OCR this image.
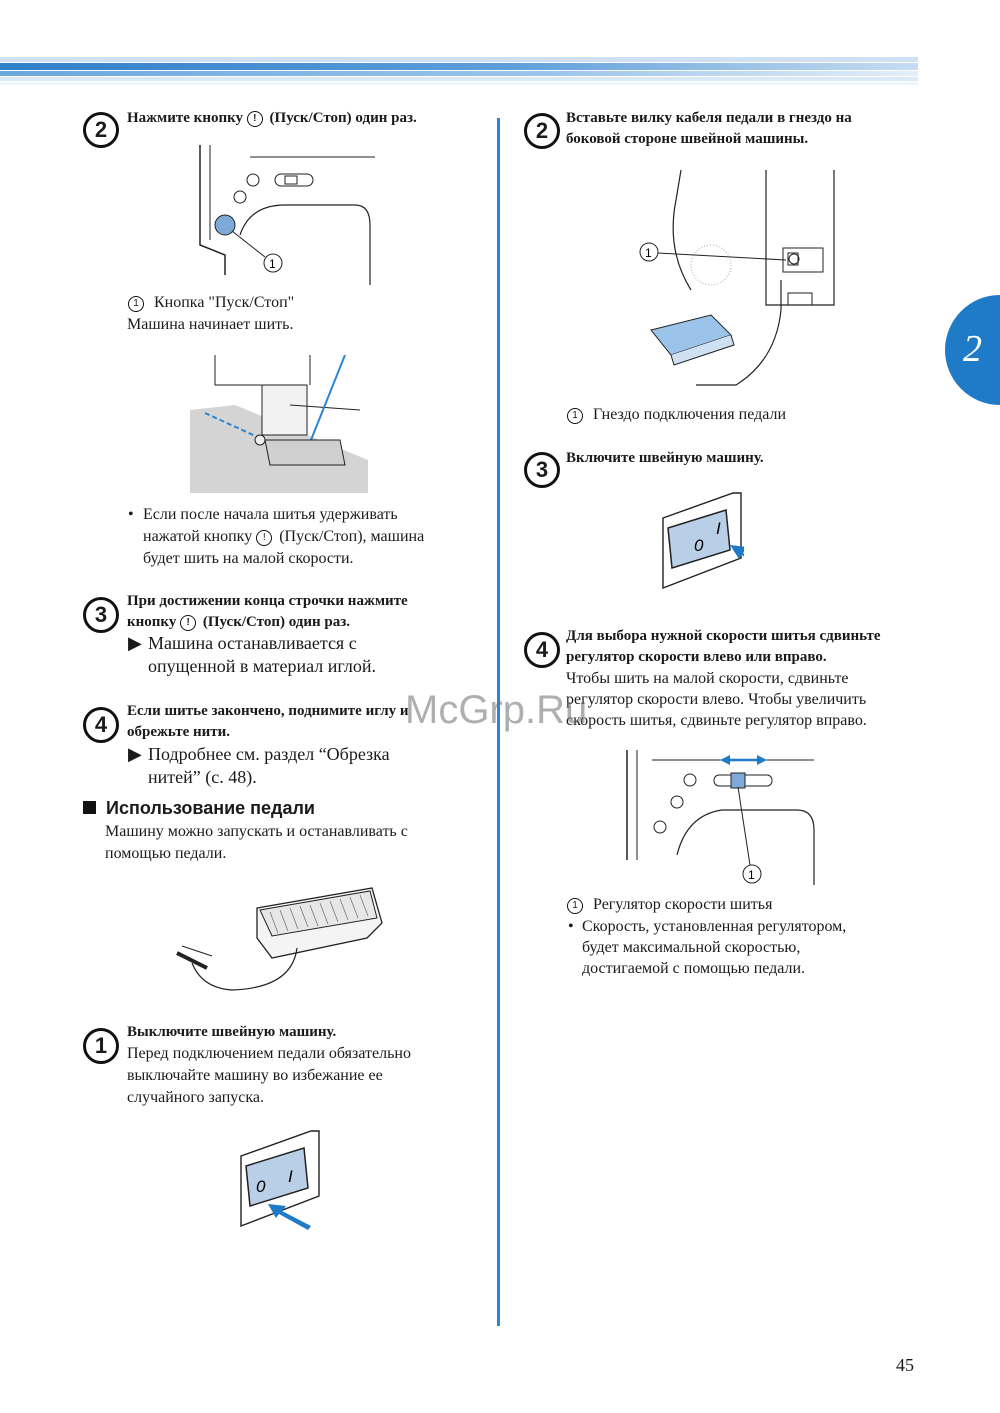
2
2	Нажмите кнопку ! (Пуск/Стоп) один раз.
1
1 Кнопка "Пуск/Стоп"
Машина начинает шить.
• Если после начала шитья удерживать
нажатой кнопку ! (Пуск/Стоп), машина
будет шить на малой скорости.
3
При достижении конца строчки нажмите
кнопку ! (Пуск/Стоп) один раз.
▶ Машина останавливается с
опущенной в материал иглой.
4
Если шитье закончено, поднимите иглу и
обрежьте нити.
▶ Подробнее см. раздел “Обрезка
нитей” (с. 48).
Использование педали
Машину можно запускать и останавливать с
помощью педали.
1
Выключите швейную машину.
Перед подключением педали обязательно
выключайте машину во избежание ее
случайного запуска.
0
I
2	Вставьте вилку кабеля педали в гнездо на
боковой стороне швейной машины.
1
1 Гнездо подключения педали
3	Включите швейную машину.
0
I
4
Для выбора нужной скорости шитья сдвиньте
регулятор скорости влево или вправо.
Чтобы шить на малой скорости, сдвиньте
регулятор скорости влево. Чтобы увеличить
скорость шитья, сдвиньте регулятор вправо.
1
1 Регулятор скорости шитья
• Скорость, установленная регулятором,
будет максимальной скоростью,
достигаемой с помощью педали.
45
McGrp.Ru
